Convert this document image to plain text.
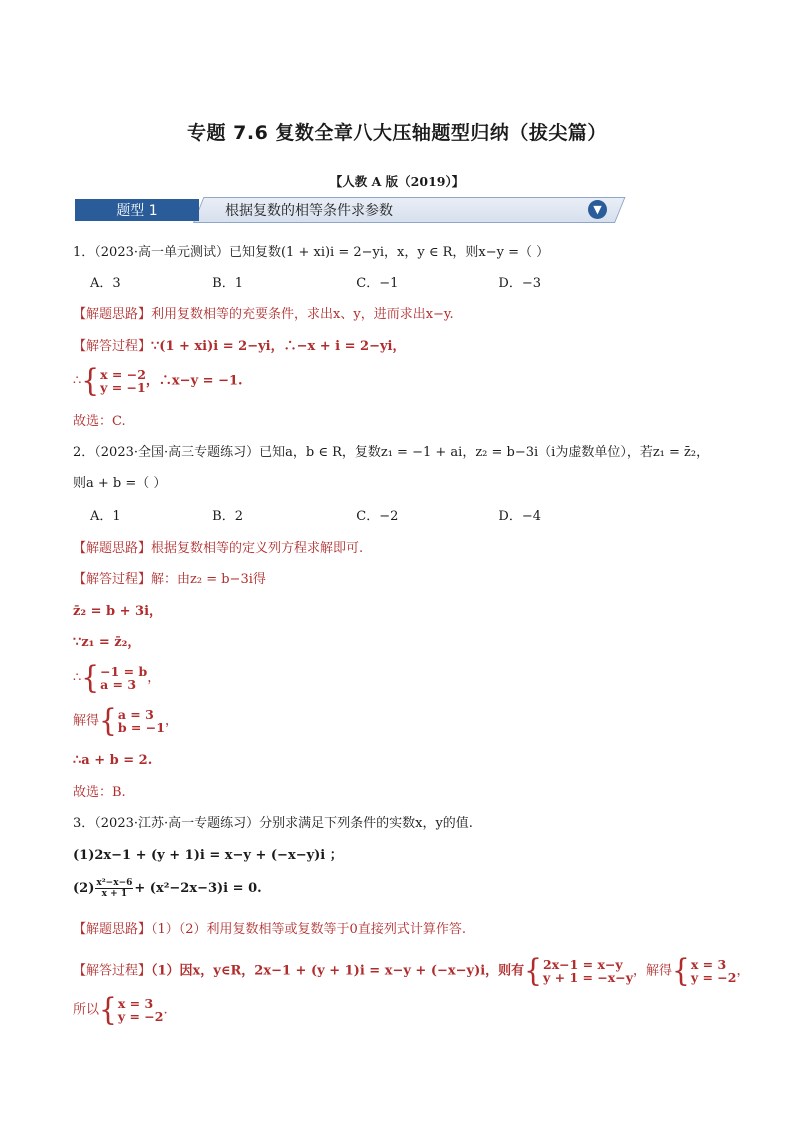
专题 7.6 复数全章八大压轴题型归纳（拔尖篇）
【人教 A 版（2019）】
题型 1	根据复数的相等条件求参数	▼
1．（2023·高一单元测试）已知复数(1 + xi)i = 2−yi，x，y ∈ R，则x−y =（ ）
A．3	B．1	C．−1	D．−3
【解题思路】利用复数相等的充要条件，求出x、y，进而求出x−y.
【解答过程】∵(1 + xi)i = 2−yi，∴−x + i = 2−yi，
∴ { x = −2
y = −1 ，∴x−y = −1.
故选：C.
2．（2023·全国·高三专题练习）已知a，b ∈ R，复数z₁ = −1 + ai，z₂ = b−3i（i为虚数单位），若z₁ = z̄₂，
则a + b =（ ）
A．1	B．2	C．−2	D．−4
【解题思路】根据复数相等的定义列方程求解即可.
【解答过程】解：由z₂ = b−3i得
z̄₂ = b + 3i，
∵z₁ = z̄₂，
∴ { −1 = b
a = 3 ，
解得 { a = 3
b = −1 ，
∴a + b = 2.
故选：B.
3．（2023·江苏·高一专题练习）分别求满足下列条件的实数x，y的值.
(1)2x−1 + (y + 1)i = x−y + (−x−y)i ；
$(2) \frac{\text{x²−x−6}}{x + 1} + (x^2-2x-3)i = 0$.
【解题思路】（1）（2）利用复数相等或复数等于0直接列式计算作答.
【解答过程】（1）因x，y∈R，2x−1 + (y + 1)i = x−y + (−x−y)i，则有 { 2x−1 = x−y
y + 1 = −x−y ，解得 { x = 3
y = −2 ，
所以 { x = 3
y = −2 .
